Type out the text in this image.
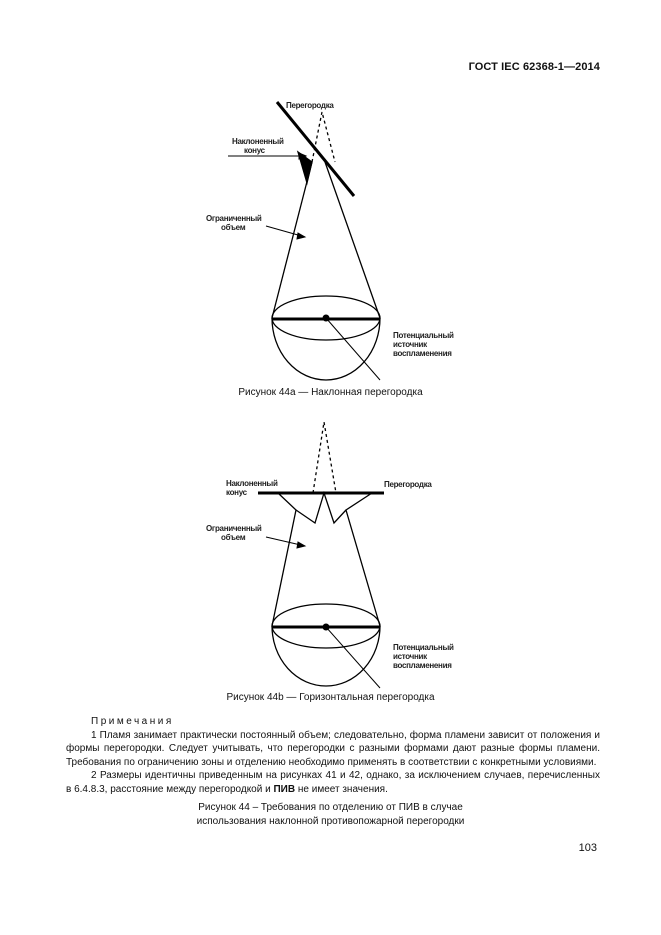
ГОСТ IEC 62368-1—2014
Перегородка
Наклоненный
конус
Ограниченный
объем
Потенциальный
источник
воспламенения
Рисунок 44a — Наклонная перегородка
Наклоненный
конус
Перегородка
Ограниченный
объем
Потенциальный
источник
воспламенения
Рисунок 44b — Горизонтальная перегородка

Примечания

1 Пламя занимает практически постоянный объем; следовательно, форма пламени зависит от положения и формы перегородки. Следует учитывать, что перегородки с разными формами дают разные формы пламени. Требования по ограничению зоны и отделению необходимо применять в соответствии с конкретными условиями.

2 Размеры идентичны приведенным на рисунках 41 и 42, однако, за исключением случаев, перечисленных в 6.4.8.3, расстояние между перегородкой и ПИВ не имеет значения.

Рисунок 44 – Требования по отделению от ПИВ в случае
использования наклонной противопожарной перегородки
103
